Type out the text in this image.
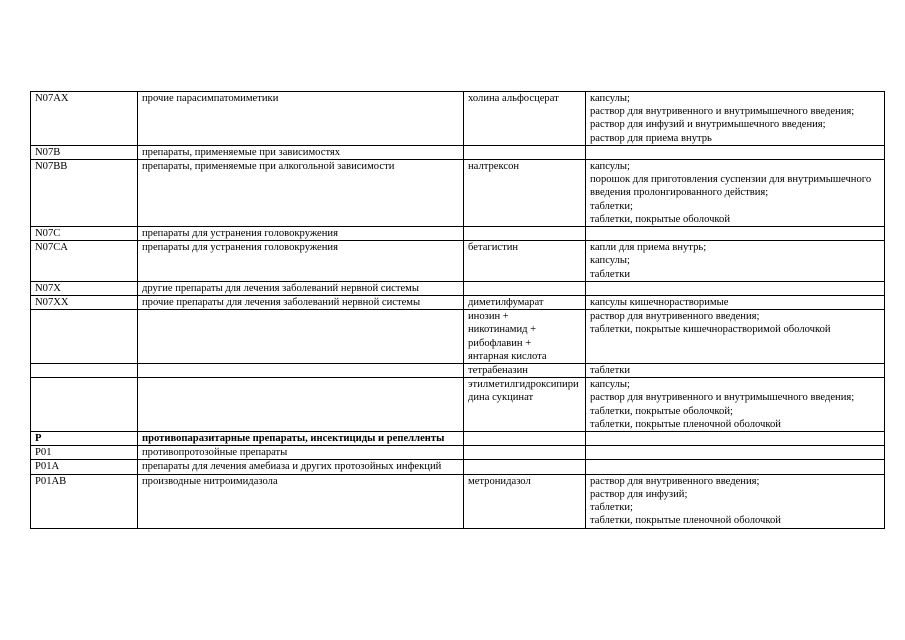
N07AX	прочие парасимпатомиметики	холина альфосцерат	капсулы;
раствор для внутривенного и внутримышечного введения;
раствор для инфузий и внутримышечного введения;
раствор для приема внутрь
N07B	препараты, применяемые при зависимостях		
N07BB	препараты, применяемые при алкогольной зависимости	налтрексон	капсулы;
порошок для приготовления суспензии для внутримышечного введения пролонгированного действия;
таблетки;
таблетки, покрытые оболочкой
N07C	препараты для устранения головокружения		
N07CA	препараты для устранения головокружения	бетагистин	капли для приема внутрь;
капсулы;
таблетки
N07X	другие препараты для лечения заболеваний нервной системы		
N07XX	прочие препараты для лечения заболеваний нервной системы	диметилфумарат	капсулы кишечнорастворимые
		инозин +
никотинамид +
рибофлавин +
янтарная кислота	раствор для внутривенного введения;
таблетки, покрытые кишечнорастворимой оболочкой
		тетрабеназин	таблетки
		этилметилгидроксипиридина сукцинат	капсулы;
раствор для внутривенного и внутримышечного введения;
таблетки, покрытые оболочкой;
таблетки, покрытые пленочной оболочкой
P	противопаразитарные препараты, инсектициды и репелленты		
P01	противопротозойные препараты		
P01A	препараты для лечения амебиаза и других протозойных инфекций		
P01AB	производные нитроимидазола	метронидазол	раствор для внутривенного введения;
раствор для инфузий;
таблетки;
таблетки, покрытые пленочной оболочкой
